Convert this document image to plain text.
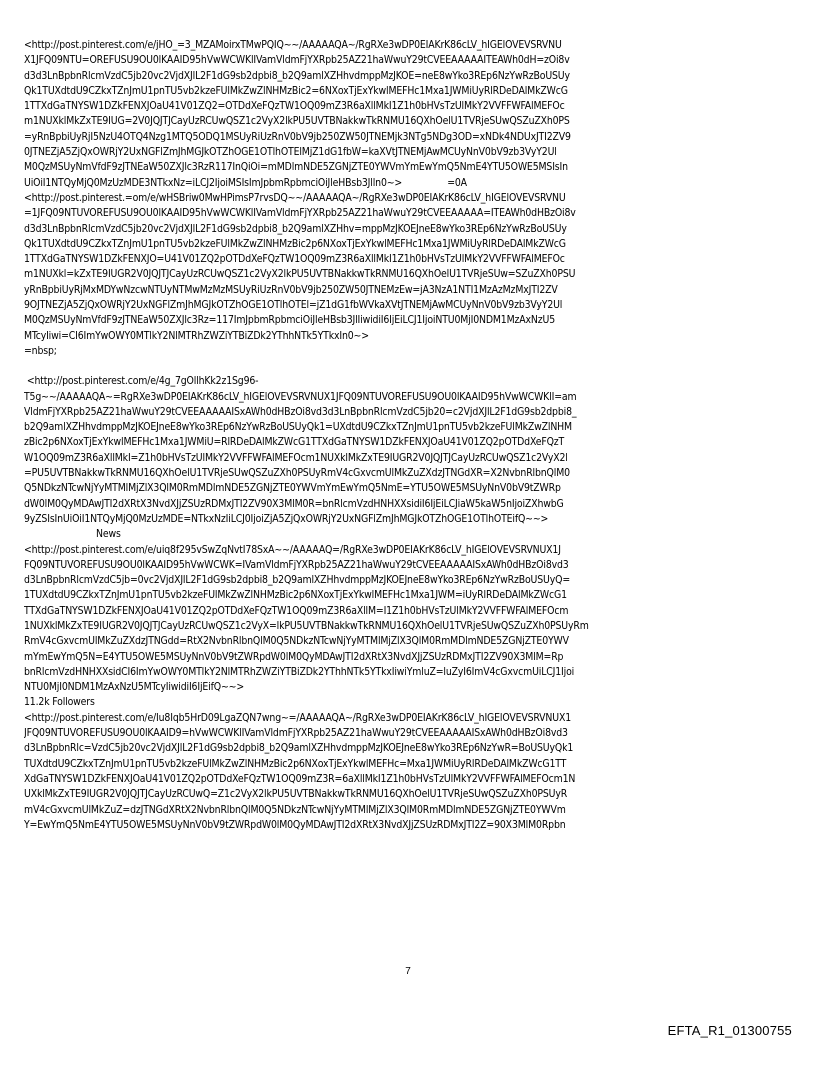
<http://post.pinterest.com/e/jHO_=3_MZAMoirxTMwPQIQ~~/AAAAAQA~/RgRXe3wDP0EIAKrK86cLV_hIGElOVEVSRVNU
X1JFQ09NTU=OREFUSU9OU0lKAAID95hVwWCWKlIVamVldmFjYXRpb25AZ21haWwuY29tCVEEAAAAAITEAWh0dH=zOi8v
d3d3LnBpbnRlcmVzdC5jb20vc2VjdXJlL2F1dG9sb2dpbi8_b2Q9amlXZHhvdmppMzJKOE=neE8wYko3REp6NzYwRzBoUSUy
Qk1TUXdtdU9CZkxTZnJmU1pnTU5vb2kzeFUlMkZwZlNHMzBic2=6NXoxTjExYkwlMEFHc1Mxa1JWMiUyRlRDeDAlMkZWcG
1TTXdGaTNYSW1DZkFENXJOaU41V01ZQ2=OTDdXeFQzTW1OQ09mZ3R6aXllMkI1Z1h0bHVsTzUlMkY2VVFFWFAlMEFOc
m1NUXklMkZxTE9IUG=2V0JQJTJCayUzRCUwQSZ1c2VyX2lkPU5UVTBNakkwTkRNMU16QXhOelU1TVRjeSUwQSZuZXh0PS
=yRnBpbiUyRjI5NzU4OTQ4Nzg1MTQ5ODQ1MSUyRiUzRnV0bV9jb250ZW50JTNEMjk3NTg5NDg3OD=xNDk4NDUxJTI2ZV9
0JTNEZjA5ZjQxOWRjY2UxNGFlZmJhMGJkOTZhOGE1OTlhOTElMjZ1dG1fbW=kaXVtJTNEMjAwMCUyNnV0bV9zb3VyY2Ul
M0QzMSUyNmVfdF9zJTNEaW50ZXJlc3RzR117InQiOi=mMDlmNDE5ZGNjZTE0YWVmYmEwYmQ5NmE4YTU5OWE5MSIsIn
UiOiI1NTQyMjQ0MzUzMDE3NTkxNz=iLCJ2IjoiMSIsImJpbmRpbmciOiJleHBsb3Jlln0~>                =0A
<http://post.pinterest.=om/e/wHSBriw0MwHPimsP7rvsDQ~~/AAAAAQA~/RgRXe3wDP0EIAKrK86cLV_hIGElOVEVSRVNU
=1JFQ09NTUVOREFUSU9OU0lKAAID95hVwWCWKlIVamVldmFjYXRpb25AZ21haWwuY29tCVEEAAAAA=ITEAWh0dHBzOi8v
d3d3LnBpbnRlcmVzdC5jb20vc2VjdXJlL2F1dG9sb2dpbi8_b2Q9amlXZHhv=mppMzJKOEJneE8wYko3REp6NzYwRzBoUSUy
Qk1TUXdtdU9CZkxTZnJmU1pnTU5vb2kzeFUlMkZwZlNHMzBic2p6NXoxTjExYkwlMEFHc1Mxa1JWMiUyRlRDeDAlMkZWcG
1TTXdGaTNYSW1DZkFENXJO=U41V01ZQ2pOTDdXeFQzTW1OQ09mZ3R6aXllMkI1Z1h0bHVsTzUlMkY2VVFFWFAlMEFOc
m1NUXkl=kZxTE9IUGR2V0JQJTJCayUzRCUwQSZ1c2VyX2lkPU5UVTBNakkwTkRNMU16QXhOelU1TVRjeSUw=SZuZXh0PSU
yRnBpbiUyRjMxMDYwNzcwNTUyNTMwMzMzMSUyRiUzRnV0bV9jb250ZW50JTNEMzEw=jA3NzA1NTI1MzAzMzMxJTI2ZV
9OJTNEZjA5ZjQxOWRjY2UxNGFlZmJhMGJkOTZhOGE1OTlhOTEl=jZ1dG1fbWVkaXVtJTNEMjAwMCUyNnV0bV9zb3VyY2Ul
M0QzMSUyNmVfdF9zJTNEaW50ZXJlc3Rz=117ImJpbmRpbmciOiJleHBsb3JlIiwidiI6IjEiLCJ1IjoiNTU0MjI0NDM1MzAxNzU5
MTcyIiwi=CI6ImYwOWY0MTlkY2NlMTRhZWZiYTBiZDk2YThhNTk5YTkxIn0~>
=nbsp;
<http://post.pinterest.com/e/4g_7gOllhKk2z1Sg96-
T5g~~/AAAAAQA~=RgRXe3wDP0EIAKrK86cLV_hIGElOVEVSRVNUX1JFQ09NTUVOREFUSU9OU0lKAAID95hVwWCWKlI=am
VldmFjYXRpb25AZ21haWwuY29tCVEEAAAAAISxAWh0dHBzOi8vd3d3LnBpbnRlcmVzdC5jb20=c2VjdXJlL2F1dG9sb2dpbi8_
b2Q9amlXZHhvdmppMzJKOEJneE8wYko3REp6NzYwRzBoUSUyQk1=UXdtdU9CZkxTZnJmU1pnTU5vb2kzeFUlMkZwZlNHM
zBic2p6NXoxTjExYkwlMEFHc1Mxa1JWMiU=RlRDeDAlMkZWcG1TTXdGaTNYSW1DZkFENXJOaU41V01ZQ2pOTDdXeFQzT
W1OQ09mZ3R6aXllMkI=Z1h0bHVsTzUlMkY2VVFFWFAlMEFOcm1NUXklMkZxTE9IUGR2V0JQJTJCayUzRCUwQSZ1c2VyX2l
=PU5UVTBNakkwTkRNMU16QXhOelU1TVRjeSUwQSZuZXh0PSUyRmV4cGxvcmUlMkZuZXdzJTNGdXR=X2NvbnRlbnQlM0
Q5NDkzNTcwNjYyMTMlMjZlX3QlM0RmMDlmNDE5ZGNjZTE0YWVmYmEwYmQ5NmE=YTU5OWE5MSUyNnV0bV9tZWRp
dW0lM0QyMDAwJTI2dXRtX3NvdXJjZSUzRDMxJTI2ZV90X3MlM0R=bnRlcmVzdHNHXXsidiI6IjEiLCJiaW5kaW5nIjoiZXhwbG
9yZSIsInUiOiI1NTQyMjQ0MzUzMDE=NTkxNzIiLCJ0IjoiZjA5ZjQxOWRjY2UxNGFlZmJhMGJkOTZhOGE1OTlhOTEifQ~~>
News
<http://post.pinterest.com/e/uiq8f295vSwZqNvtI78SxA~~/AAAAAQ=/RgRXe3wDP0EIAKrK86cLV_hIGElOVEVSRVNUX1J
FQ09NTUVOREFUSU9OU0lKAAID95hVwWCWK=IVamVldmFjYXRpb25AZ21haWwuY29tCVEEAAAAAISxAWh0dHBzOi8vd3
d3LnBpbnRlcmVzdC5jb=0vc2VjdXJlL2F1dG9sb2dpbi8_b2Q9amlXZHhvdmppMzJKOEJneE8wYko3REp6NzYwRzBoUSUyQ=
1TUXdtdU9CZkxTZnJmU1pnTU5vb2kzeFUlMkZwZlNHMzBic2p6NXoxTjExYkwlMEFHc1Mxa1JWM=iUyRlRDeDAlMkZWcG1
TTXdGaTNYSW1DZkFENXJOaU41V01ZQ2pOTDdXeFQzTW1OQ09mZ3R6aXllM=I1Z1h0bHVsTzUlMkY2VVFFWFAlMEFOcm
1NUXklMkZxTE9IUGR2V0JQJTJCayUzRCUwQSZ1c2VyX=lkPU5UVTBNakkwTkRNMU16QXhOelU1TVRjeSUwQSZuZXh0PSUyRm
RmV4cGxvcmUlMkZuZXdzJTNGdd=RtX2NvbnRlbnQlM0Q5NDkzNTcwNjYyMTMlMjZlX3QlM0RmMDlmNDE5ZGNjZTE0YWV
mYmEwYmQ5N=E4YTU5OWE5MSUyNnV0bV9tZWRpdW0lM0QyMDAwJTI2dXRtX3NvdXJjZSUzRDMxJTI2ZV90X3MlM=Rp
bnRlcmVzdHNHXXsidCI6ImYwOWY0MTlkY2NlMTRhZWZiYTBiZDk2YThhNTk5YTkxIiwiYmluZ=luZyI6ImV4cGxvcmUiLCJ1Ijoi
NTU0MjI0NDM1MzAxNzU5MTcyIiwidiI6IjEifQ~~>
11.2k Followers
<http://post.pinterest.com/e/Iu8Iqb5HrD09LgaZQN7wng~=/AAAAAQA~/RgRXe3wDP0EIAKrK86cLV_hIGElOVEVSRVNUX1
JFQ09NTUVOREFUSU9OU0lKAAID9=hVwWCWKlIVamVldmFjYXRpb25AZ21haWwuY29tCVEEAAAAAISxAWh0dHBzOi8vd3
d3LnBpbnRlc=VzdC5jb20vc2VjdXJlL2F1dG9sb2dpbi8_b2Q9amlXZHhvdmppMzJKOEJneE8wYko3REp6NzYwR=BoUSUyQk1
TUXdtdU9CZkxTZnJmU1pnTU5vb2kzeFUlMkZwZlNHMzBic2p6NXoxTjExYkwlMEFHc=Mxa1JWMiUyRlRDeDAlMkZWcG1TT
XdGaTNYSW1DZkFENXJOaU41V01ZQ2pOTDdXeFQzTW1OQ09mZ3R=6aXllMkI1Z1h0bHVsTzUlMkY2VVFFWFAlMEFOcm1N
UXklMkZxTE9IUGR2V0JQJTJCayUzRCUwQ=Z1c2VyX2lkPU5UVTBNakkwTkRNMU16QXhOelU1TVRjeSUwQSZuZXh0PSUyR
mV4cGxvcmUlMkZuZ=dzJTNGdXRtX2NvbnRlbnQlM0Q5NDkzNTcwNjYyMTMlMjZlX3QlM0RmMDlmNDE5ZGNjZTE0YWVm
Y=EwYmQ5NmE4YTU5OWE5MSUyNnV0bV9tZWRpdW0lM0QyMDAwJTI2dXRtX3NvdXJjZSUzRDMxJTI2Z=90X3MlM0Rpbn
7
EFTA_R1_01300755
